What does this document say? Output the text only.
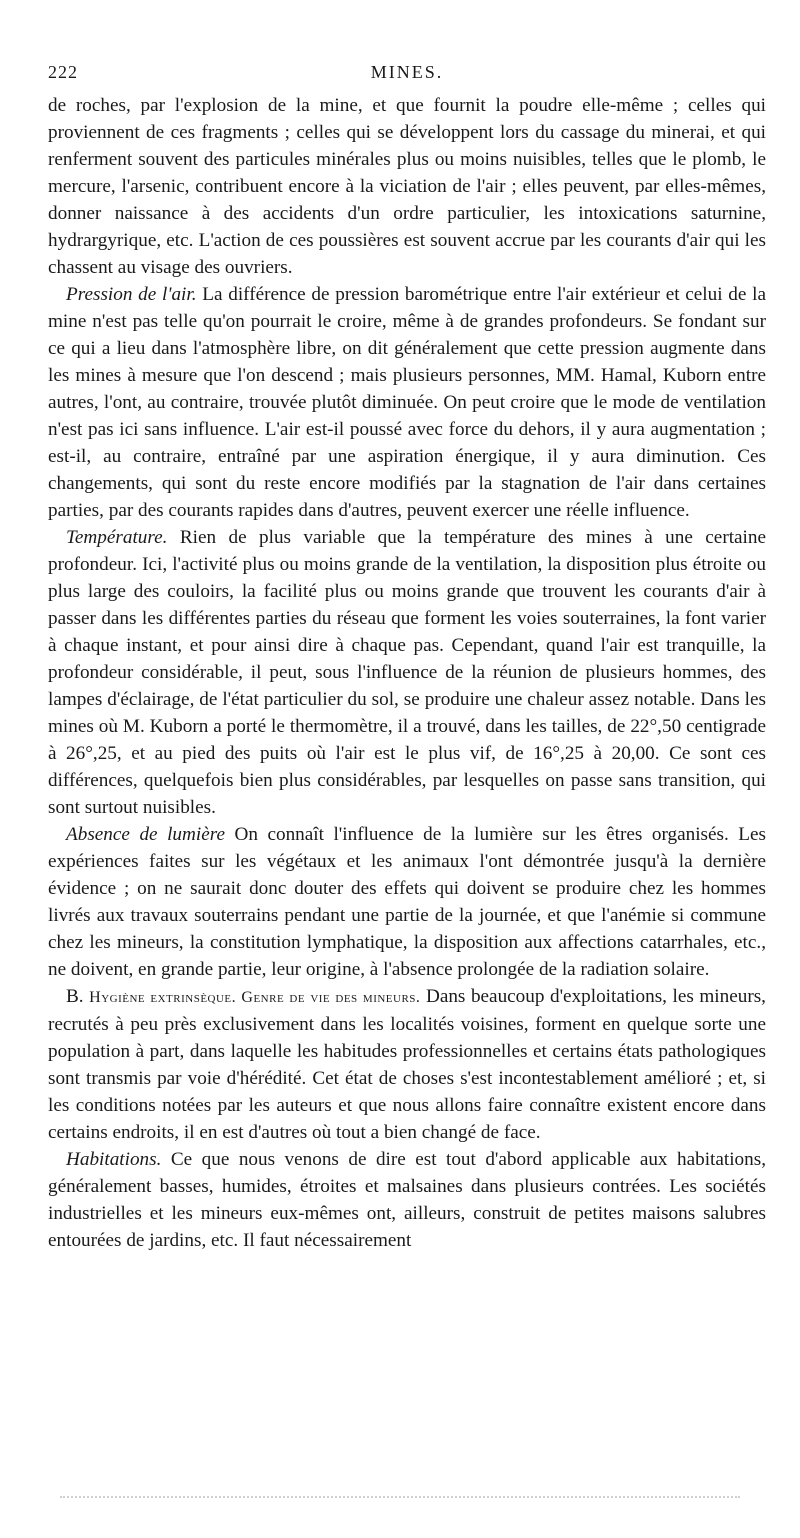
222	MINES.

de roches, par l'explosion de la mine, et que fournit la poudre elle-même ; celles qui proviennent de ces fragments ; celles qui se développent lors du cassage du minerai, et qui renferment souvent des particules minérales plus ou moins nuisibles, telles que le plomb, le mercure, l'arsenic, contribuent encore à la viciation de l'air ; elles peuvent, par elles-mêmes, donner naissance à des accidents d'un ordre particulier, les intoxications saturnine, hydrargyrique, etc. L'action de ces poussières est souvent accrue par les courants d'air qui les chassent au visage des ouvriers.

Pression de l'air. La différence de pression barométrique entre l'air extérieur et celui de la mine n'est pas telle qu'on pourrait le croire, même à de grandes profondeurs. Se fondant sur ce qui a lieu dans l'atmosphère libre, on dit généralement que cette pression augmente dans les mines à mesure que l'on descend ; mais plusieurs personnes, MM. Hamal, Kuborn entre autres, l'ont, au contraire, trouvée plutôt diminuée. On peut croire que le mode de ventilation n'est pas ici sans influence. L'air est-il poussé avec force du dehors, il y aura augmentation ; est-il, au contraire, entraîné par une aspiration énergique, il y aura diminution. Ces changements, qui sont du reste encore modifiés par la stagnation de l'air dans certaines parties, par des courants rapides dans d'autres, peuvent exercer une réelle influence.

Température. Rien de plus variable que la température des mines à une certaine profondeur. Ici, l'activité plus ou moins grande de la ventilation, la disposition plus étroite ou plus large des couloirs, la facilité plus ou moins grande que trouvent les courants d'air à passer dans les différentes parties du réseau que forment les voies souterraines, la font varier à chaque instant, et pour ainsi dire à chaque pas. Cependant, quand l'air est tranquille, la profondeur considérable, il peut, sous l'influence de la réunion de plusieurs hommes, des lampes d'éclairage, de l'état particulier du sol, se produire une chaleur assez notable. Dans les mines où M. Kuborn a porté le thermomètre, il a trouvé, dans les tailles, de 22°,50 centigrade à 26°,25, et au pied des puits où l'air est le plus vif, de 16°,25 à 20,00. Ce sont ces différences, quelquefois bien plus considérables, par lesquelles on passe sans transition, qui sont surtout nuisibles.

Absence de lumière On connaît l'influence de la lumière sur les êtres organisés. Les expériences faites sur les végétaux et les animaux l'ont démontrée jusqu'à la dernière évidence ; on ne saurait donc douter des effets qui doivent se produire chez les hommes livrés aux travaux souterrains pendant une partie de la journée, et que l'anémie si commune chez les mineurs, la constitution lymphatique, la disposition aux affections catarrhales, etc., ne doivent, en grande partie, leur origine, à l'absence prolongée de la radiation solaire.

B. Hygiène extrinsèque. Genre de vie des mineurs. Dans beaucoup d'exploitations, les mineurs, recrutés à peu près exclusivement dans les localités voisines, forment en quelque sorte une population à part, dans laquelle les habitudes professionnelles et certains états pathologiques sont transmis par voie d'hérédité. Cet état de choses s'est incontestablement amélioré ; et, si les conditions notées par les auteurs et que nous allons faire connaître existent encore dans certains endroits, il en est d'autres où tout a bien changé de face.

Habitations. Ce que nous venons de dire est tout d'abord applicable aux habitations, généralement basses, humides, étroites et malsaines dans plusieurs contrées. Les sociétés industrielles et les mineurs eux-mêmes ont, ailleurs, construit de petites maisons salubres entourées de jardins, etc. Il faut nécessairement
